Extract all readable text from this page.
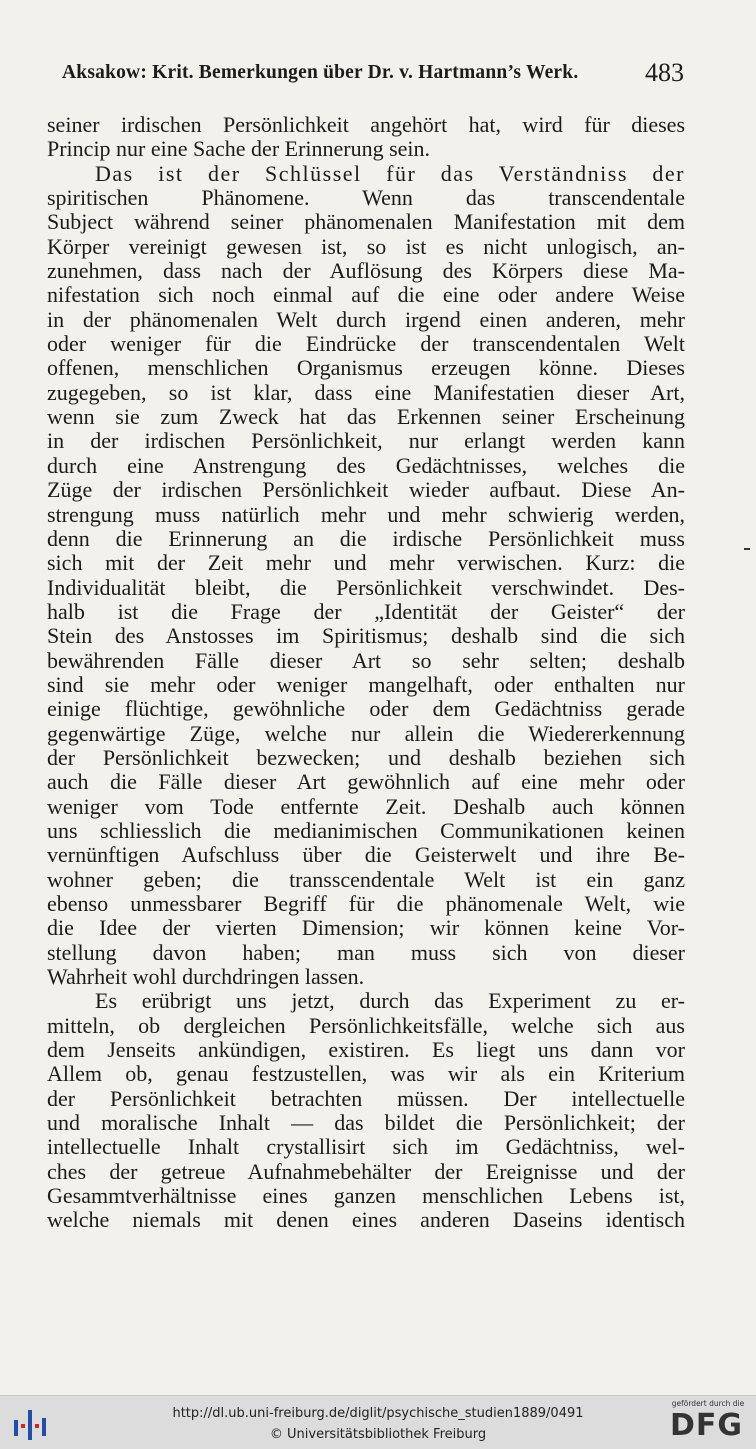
Aksakow: Krit. Bemerkungen über Dr. v. Hartmann’s Werk.	483
seiner irdischen Persönlichkeit angehört hat, wird für dieses
Princip nur eine Sache der Erinnerung sein.
Das ist der Schlüssel für das Verständniss der
spiritischen Phänomene. Wenn das transcendentale
Subject während seiner phänomenalen Manifestation mit dem
Körper vereinigt gewesen ist, so ist es nicht unlogisch, an-
zunehmen, dass nach der Auflösung des Körpers diese Ma-
nifestation sich noch einmal auf die eine oder andere Weise
in der phänomenalen Welt durch irgend einen anderen, mehr
oder weniger für die Eindrücke der transcendentalen Welt
offenen, menschlichen Organismus erzeugen könne. Dieses
zugegeben, so ist klar, dass eine Manifestatien dieser Art,
wenn sie zum Zweck hat das Erkennen seiner Erscheinung
in der irdischen Persönlichkeit, nur erlangt werden kann
durch eine Anstrengung des Gedächtnisses, welches die
Züge der irdischen Persönlichkeit wieder aufbaut. Diese An-
strengung muss natürlich mehr und mehr schwierig werden,
denn die Erinnerung an die irdische Persönlichkeit muss
sich mit der Zeit mehr und mehr verwischen. Kurz: die
Individualität bleibt, die Persönlichkeit verschwindet. Des-
halb ist die Frage der „Identität der Geister“ der
Stein des Anstosses im Spiritismus; deshalb sind die sich
bewährenden Fälle dieser Art so sehr selten; deshalb
sind sie mehr oder weniger mangelhaft, oder enthalten nur
einige flüchtige, gewöhnliche oder dem Gedächtniss gerade
gegenwärtige Züge, welche nur allein die Wiedererkennung
der Persönlichkeit bezwecken; und deshalb beziehen sich
auch die Fälle dieser Art gewöhnlich auf eine mehr oder
weniger vom Tode entfernte Zeit. Deshalb auch können
uns schliesslich die medianimischen Communikationen keinen
vernünftigen Aufschluss über die Geisterwelt und ihre Be-
wohner geben; die transscendentale Welt ist ein ganz
ebenso unmessbarer Begriff für die phänomenale Welt, wie
die Idee der vierten Dimension; wir können keine Vor-
stellung davon haben; man muss sich von dieser
Wahrheit wohl durchdringen lassen.
Es erübrigt uns jetzt, durch das Experiment zu er-
mitteln, ob dergleichen Persönlichkeitsfälle, welche sich aus
dem Jenseits ankündigen, existiren. Es liegt uns dann vor
Allem ob, genau festzustellen, was wir als ein Kriterium
der Persönlichkeit betrachten müssen. Der intellectuelle
und moralische Inhalt — das bildet die Persönlichkeit; der
intellectuelle Inhalt crystallisirt sich im Gedächtniss, wel-
ches der getreue Aufnahmebehälter der Ereignisse und der
Gesammtverhältnisse eines ganzen menschlichen Lebens ist,
welche niemals mit denen eines anderen Daseins identisch
http://dl.ub.uni-freiburg.de/diglit/psychische_studien1889/0491
© Universitätsbibliothek Freiburg
gefördert durch die
DFG
